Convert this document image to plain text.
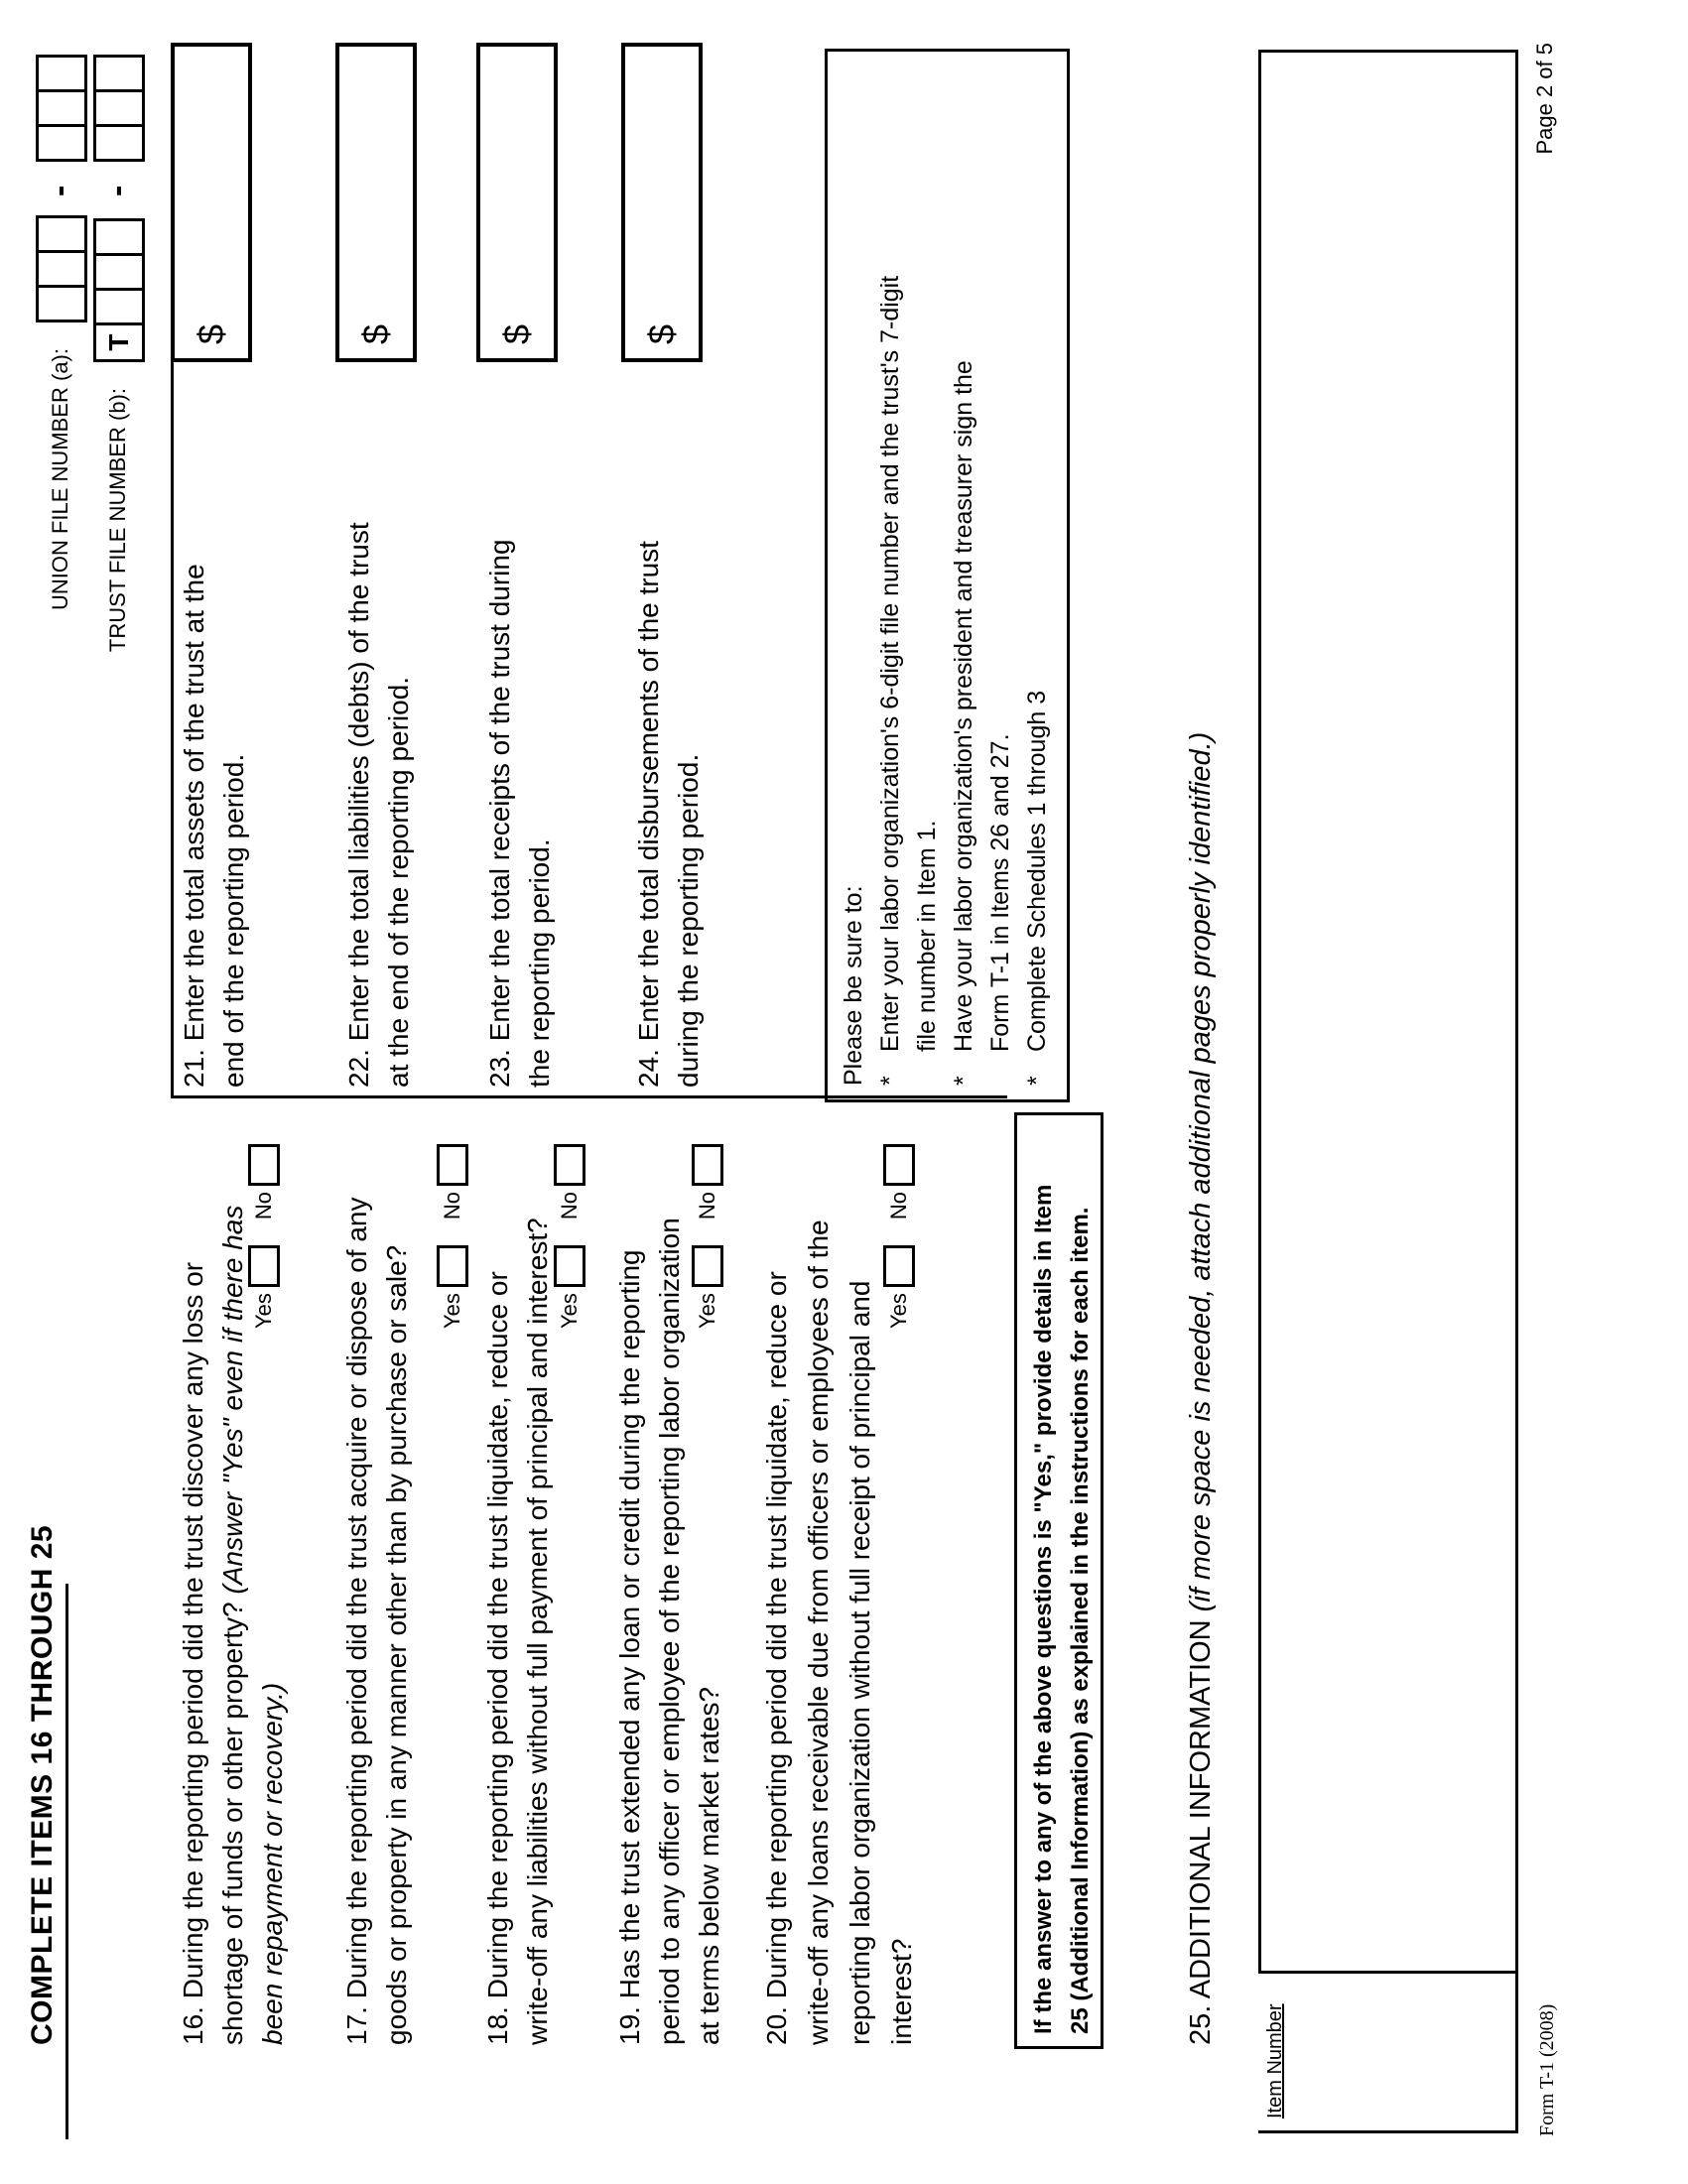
COMPLETE ITEMS 16 THROUGH 25
UNION FILE NUMBER (a):
-
TRUST FILE NUMBER (b):
T
-
16. During the reporting period did the trust discover any loss or shortage of funds or other property? (Answer "Yes" even if there has
been repayment or recovery.)
Yes
No 17. During the reporting period did the trust acquire or dispose of any goods or property in any manner other than by purchase or sale? Yes
No
18. During the reporting period did the trust liquidate, reduce or write-off any liabilities without full payment of principal and interest? Yes
No
19. Has the trust extended any loan or credit during the reporting period to any officer or employee of the reporting labor organization at terms below market rates?
Yes
No
20. During the reporting period did the trust liquidate, reduce or write-off any loans receivable due from officers or employees of the reporting labor organization without full receipt of principal and interest?
Yes
No
21. Enter the total assets of the trust at the end of the reporting period.
$
22. Enter the total liabilities (debts) of the trust at the end of the reporting period.
$
23. Enter the total receipts of the trust during the reporting period.
$
24. Enter the total disbursements of the trust during the reporting period.
$
Please be sure to: *
Enter your labor organization's 6-digit file number and the trust's 7-digit file number in Item 1.
*
Have your labor organization's president and treasurer sign the Form T-1 in Items 26 and 27.
*
Complete Schedules 1 through 3
If the answer to any of the above questions is "Yes," provide details in Item 25 (Additional Information) as explained in the instructions for each item.	25. ADDITIONAL INFORMATION (if more space is needed, attach additional pages properly identified.)
Item Number	Form T-1 (2008)
Page 2 of 5
